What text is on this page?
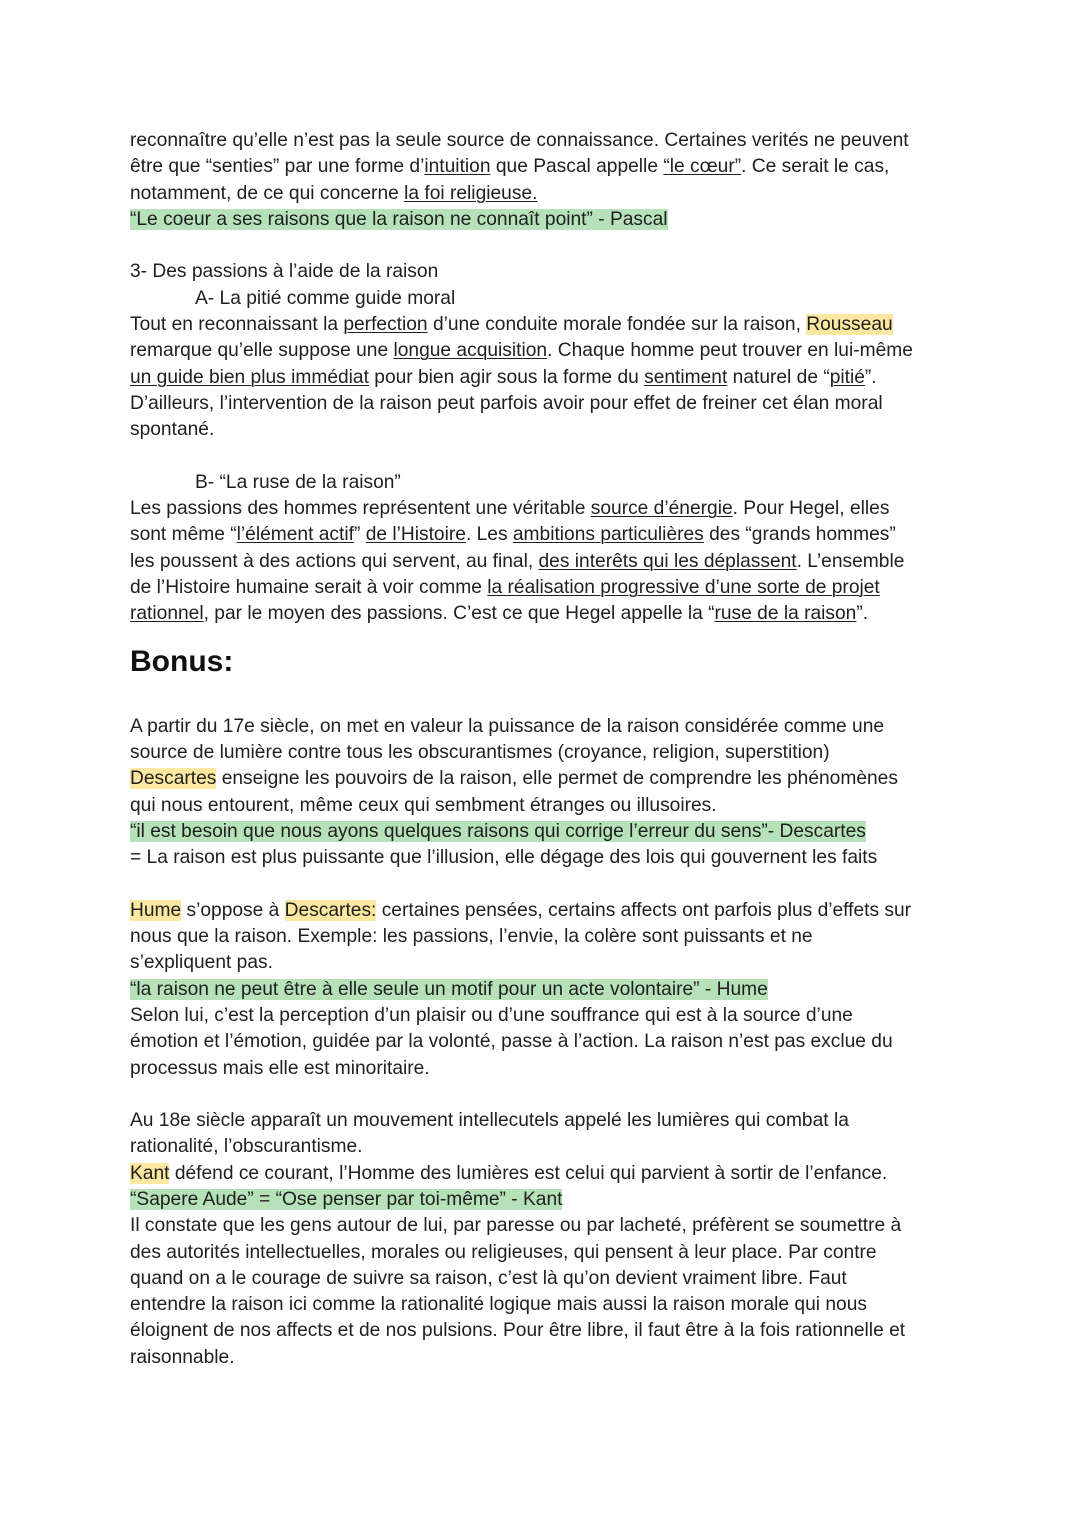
reconnaître qu’elle n’est pas la seule source de connaissance. Certaines verités ne peuvent

être que “senties” par une forme d’intuition que Pascal appelle “le cœur”. Ce serait le cas,

notamment, de ce qui concerne la foi religieuse.

“Le coeur a ses raisons que la raison ne connaît point” - Pascal

3- Des passions à l’aide de la raison

A- La pitié comme guide moral

Tout en reconnaissant la perfection d’une conduite morale fondée sur la raison, Rousseau

remarque qu’elle suppose une longue acquisition. Chaque homme peut trouver en lui-même

un guide bien plus immédiat pour bien agir sous la forme du sentiment naturel de “pitié”.

D’ailleurs, l’intervention de la raison peut parfois avoir pour effet de freiner cet élan moral

spontané.

B- “La ruse de la raison”

Les passions des hommes représentent une véritable source d’énergie. Pour Hegel, elles

sont même “l’élément actif” de l’Histoire. Les ambitions particulières des “grands hommes”

les poussent à des actions qui servent, au final, des interêts qui les déplassent. L’ensemble

de l’Histoire humaine serait à voir comme la réalisation progressive d’une sorte de projet

rationnel, par le moyen des passions. C’est ce que Hegel appelle la “ruse de la raison”.

Bonus:

A partir du 17e siècle, on met en valeur la puissance de la raison considérée comme une

source de lumière contre tous les obscurantismes (croyance, religion, superstition)

Descartes enseigne les pouvoirs de la raison, elle permet de comprendre les phénomènes

qui nous entourent, même ceux qui sembment étranges ou illusoires.

“il est besoin que nous ayons quelques raisons qui corrige l’erreur du sens”- Descartes

= La raison est plus puissante que l’illusion, elle dégage des lois qui gouvernent les faits

Hume s’oppose à Descartes: certaines pensées, certains affects ont parfois plus d’effets sur

nous que la raison. Exemple: les passions, l’envie, la colère sont puissants et ne

s’expliquent pas.

“la raison ne peut être à elle seule un motif pour un acte volontaire” - Hume

Selon lui, c’est la perception d’un plaisir ou d’une souffrance qui est à la source d’une

émotion et l’émotion, guidée par la volonté, passe à l’action. La raison n’est pas exclue du

processus mais elle est minoritaire.

Au 18e siècle apparaît un mouvement intellecutels appelé les lumières qui combat la

rationalité, l’obscurantisme.

Kant défend ce courant, l’Homme des lumières est celui qui parvient à sortir de l’enfance.

“Sapere Aude” = “Ose penser par toi-même” - Kant

Il constate que les gens autour de lui, par paresse ou par lacheté, préfèrent se soumettre à

des autorités intellectuelles, morales ou religieuses, qui pensent à leur place. Par contre

quand on a le courage de suivre sa raison, c’est là qu’on devient vraiment libre. Faut

entendre la raison ici comme la rationalité logique mais aussi la raison morale qui nous

éloignent de nos affects et de nos pulsions. Pour être libre, il faut être à la fois rationnelle et

raisonnable.
